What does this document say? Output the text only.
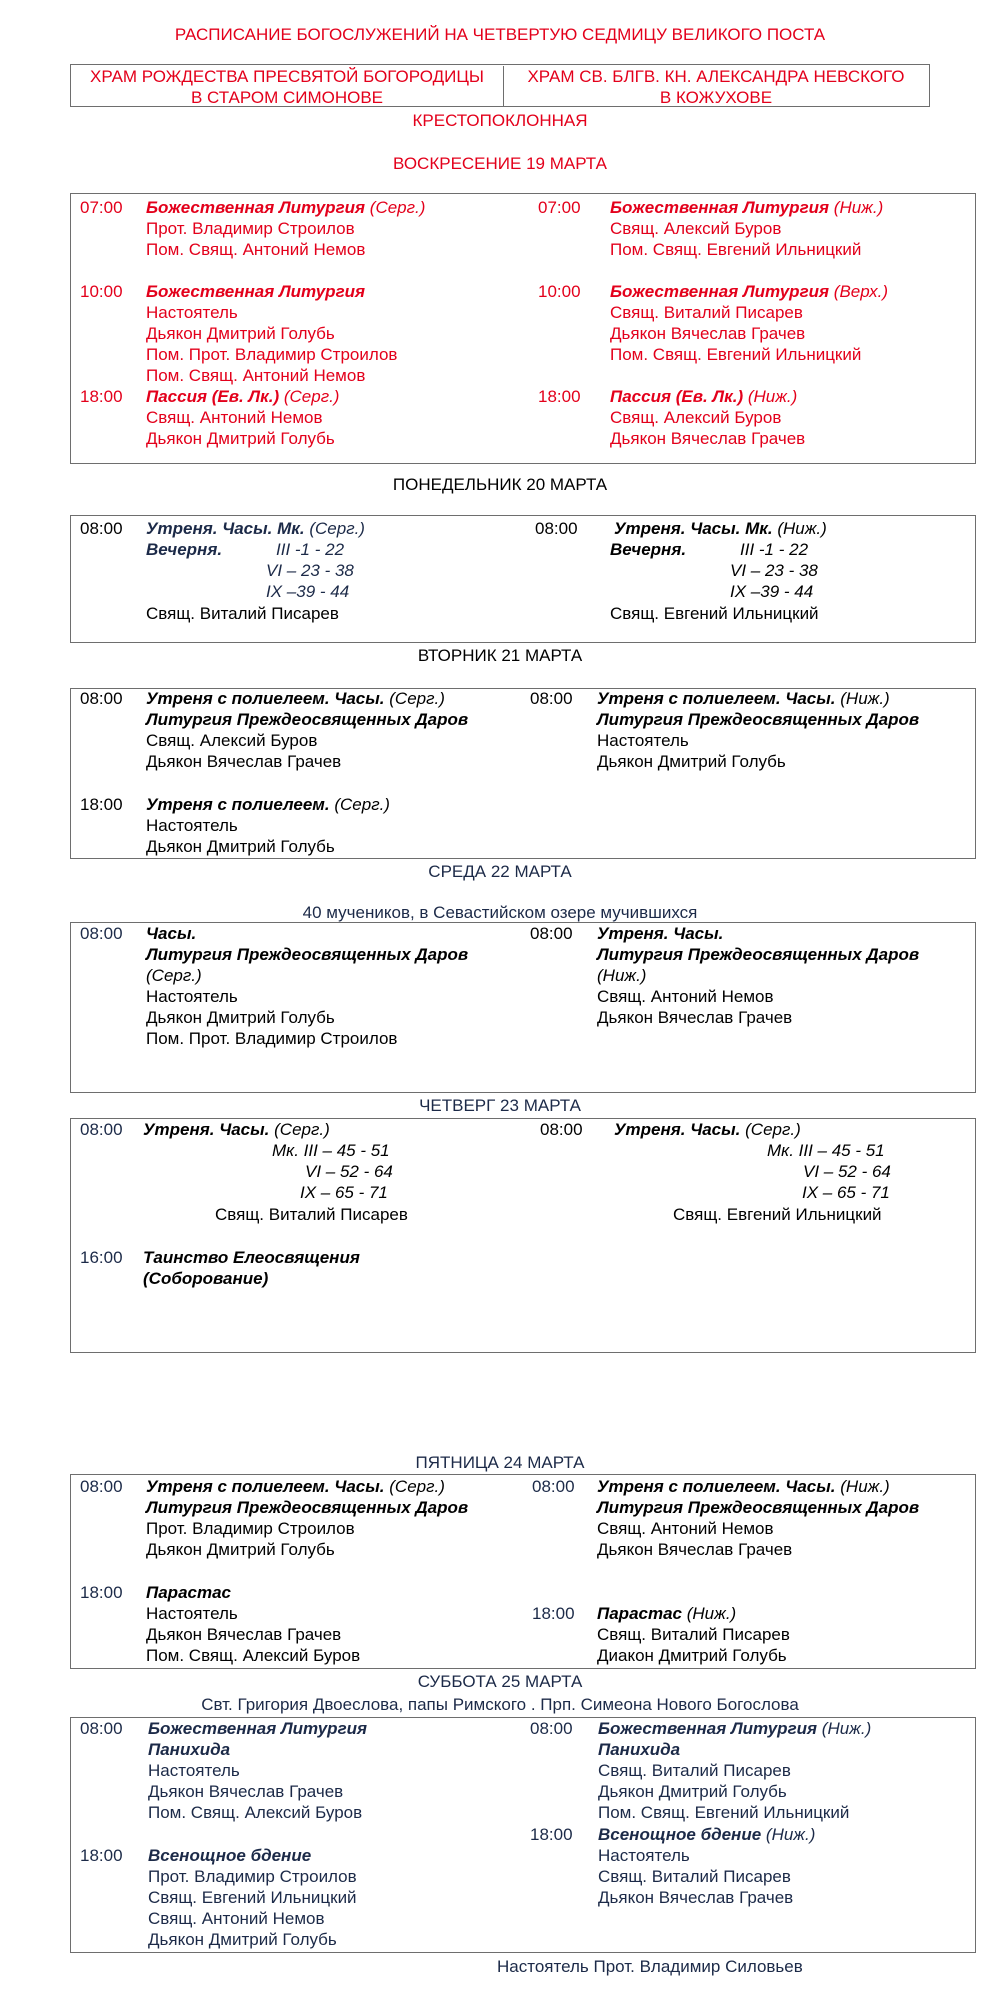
РАСПИСАНИЕ БОГОСЛУЖЕНИЙ НА ЧЕТВЕРТУЮ СЕДМИЦУ ВЕЛИКОГО ПОСТА
ХРАМ РОЖДЕСТВА ПРЕСВЯТОЙ БОГОРОДИЦЫ
В СТАРОМ СИМОНОВЕ
ХРАМ СВ. БЛГВ. КН. АЛЕКСАНДРА НЕВСКОГО
В КОЖУХОВЕ
КРЕСТОПОКЛОННАЯ
ВОСКРЕСЕНИЕ 19 МАРТА
07:00 Божественная Литургия (Серг.)
Прот. Владимир Строилов
Пом. Свящ. Антоний Немов
10:00 Божественная Литургия
Настоятель
Дьякон Дмитрий Голубь
Пом. Прот. Владимир Строилов
Пом. Свящ. Антоний Немов
18:00 Пассия (Ев. Лк.) (Серг.)
Свящ. Антоний Немов
Дьякон Дмитрий Голубь
07:00 Божественная Литургия (Ниж.)
Свящ. Алексий Буров
Пом. Свящ. Евгений Ильницкий
10:00 Божественная Литургия (Верх.)
Свящ. Виталий Писарев
Дьякон Вячеслав Грачев
Пом. Свящ. Евгений Ильницкий
18:00 Пассия (Ев. Лк.) (Ниж.)
Свящ. Алексий Буров
Дьякон Вячеслав Грачев
ПОНЕДЕЛЬНИК 20 МАРТА
08:00 Утреня. Часы. Мк. (Серг.)
Вечерня.	III -1 - 22
VI – 23 - 38
IX –39 - 44
Свящ. Виталий Писарев
08:00 Утреня. Часы. Мк. (Ниж.)
Вечерня.	III -1 - 22
VI – 23 - 38
IX –39 - 44
Свящ. Евгений Ильницкий
ВТОРНИК 21 МАРТА
08:00 Утреня с полиелеем. Часы. (Серг.)
Литургия Преждеосвященных Даров
Свящ. Алексий Буров
Дьякон Вячеслав Грачев
18:00 Утреня с полиелеем. (Серг.)
Настоятель
Дьякон Дмитрий Голубь
08:00 Утреня с полиелеем. Часы. (Ниж.)
Литургия Преждеосвященных Даров
Настоятель
Дьякон Дмитрий Голубь
СРЕДА 22 МАРТА
40 мучеников, в Севастийском озере мучившихся
08:00 Часы.
Литургия Преждеосвященных Даров
(Серг.)
Настоятель
Дьякон Дмитрий Голубь
Пом. Прот. Владимир Строилов
08:00 Утреня. Часы.
Литургия Преждеосвященных Даров
(Ниж.)
Свящ. Антоний Немов
Дьякон Вячеслав Грачев
ЧЕТВЕРГ 23 МАРТА
08:00 Утреня. Часы. (Серг.)
Мк. III – 45 - 51
VI – 52 - 64
IX – 65 - 71
Свящ. Виталий Писарев
16:00 Таинство Елеосвящения
(Соборование)
08:00 Утреня. Часы. (Серг.)
Мк. III – 45 - 51
VI – 52 - 64
IX – 65 - 71
Свящ. Евгений Ильницкий
ПЯТНИЦА 24 МАРТА
08:00 Утреня с полиелеем. Часы. (Серг.)
Литургия Преждеосвященных Даров
Прот. Владимир Строилов
Дьякон Дмитрий Голубь
18:00 Парастас
Настоятель
Дьякон Вячеслав Грачев
Пом. Свящ. Алексий Буров
08:00 Утреня с полиелеем. Часы. (Ниж.)
Литургия Преждеосвященных Даров
Свящ. Антоний Немов
Дьякон Вячеслав Грачев
18:00 Парастас (Ниж.)
Свящ. Виталий Писарев
Диакон Дмитрий Голубь
СУББОТА 25 МАРТА
Свт. Григория Двоеслова, папы Римского . Прп. Симеона Нового Богослова
08:00 Божественная Литургия
Панихида
Настоятель
Дьякон Вячеслав Грачев
Пом. Свящ. Алексий Буров
18:00 Всенощное бдение
Прот. Владимир Строилов
Свящ. Евгений Ильницкий
Свящ. Антоний Немов
Дьякон Дмитрий Голубь
08:00 Божественная Литургия (Ниж.)
Панихида
Свящ. Виталий Писарев
Дьякон Дмитрий Голубь
Пом. Свящ. Евгений Ильницкий
18:00 Всенощное бдение (Ниж.)
Настоятель
Свящ. Виталий Писарев
Дьякон Вячеслав Грачев
Настоятель Прот. Владимир Силовьев
